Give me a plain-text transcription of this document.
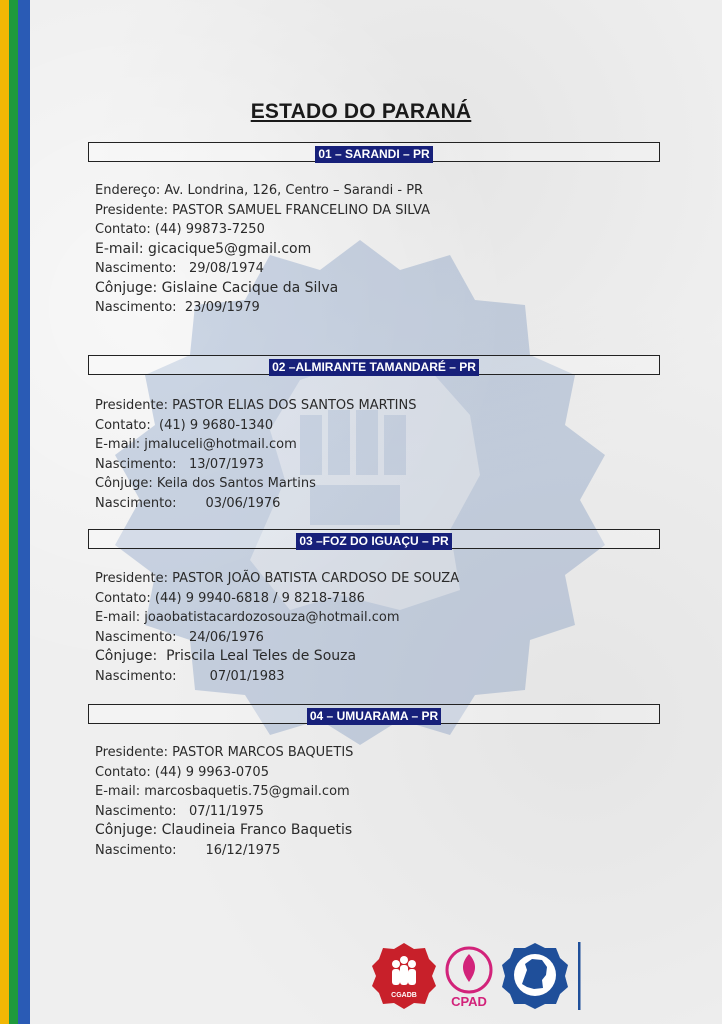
ESTADO DO PARANÁ
01 – SARANDI – PR
Endereço: Av. Londrina, 126, Centro – Sarandi - PR
Presidente: PASTOR SAMUEL FRANCELINO DA SILVA
Contato: (44) 99873-7250
E-mail: gicacique5@gmail.com
Nascimento:   29/08/1974
Cônjuge: Gislaine Cacique da Silva
Nascimento:  23/09/1979
02 –ALMIRANTE TAMANDARÉ – PR
Presidente: PASTOR ELIAS DOS SANTOS MARTINS
Contato:  (41) 9 9680-1340
E-mail: jmaluceli@hotmail.com
Nascimento:   13/07/1973
Cônjuge: Keila dos Santos Martins
Nascimento:       03/06/1976
03 –FOZ DO IGUAÇU – PR
Presidente: PASTOR JOÃO BATISTA CARDOSO DE SOUZA
Contato: (44) 9 9940-6818 / 9 8218-7186
E-mail: joaobatistacardozosouza@hotmail.com
Nascimento:   24/06/1976
Cônjuge:  Priscila Leal Teles de Souza
Nascimento:        07/01/1983
04 – UMUARAMA – PR
Presidente: PASTOR MARCOS BAQUETIS
Contato: (44) 9 9963-0705
E-mail: marcosbaquetis.75@gmail.com
Nascimento:   07/11/1975
Cônjuge: Claudineia Franco Baquetis
Nascimento:       16/12/1975
CGADB	CPAD	CONAMAD
